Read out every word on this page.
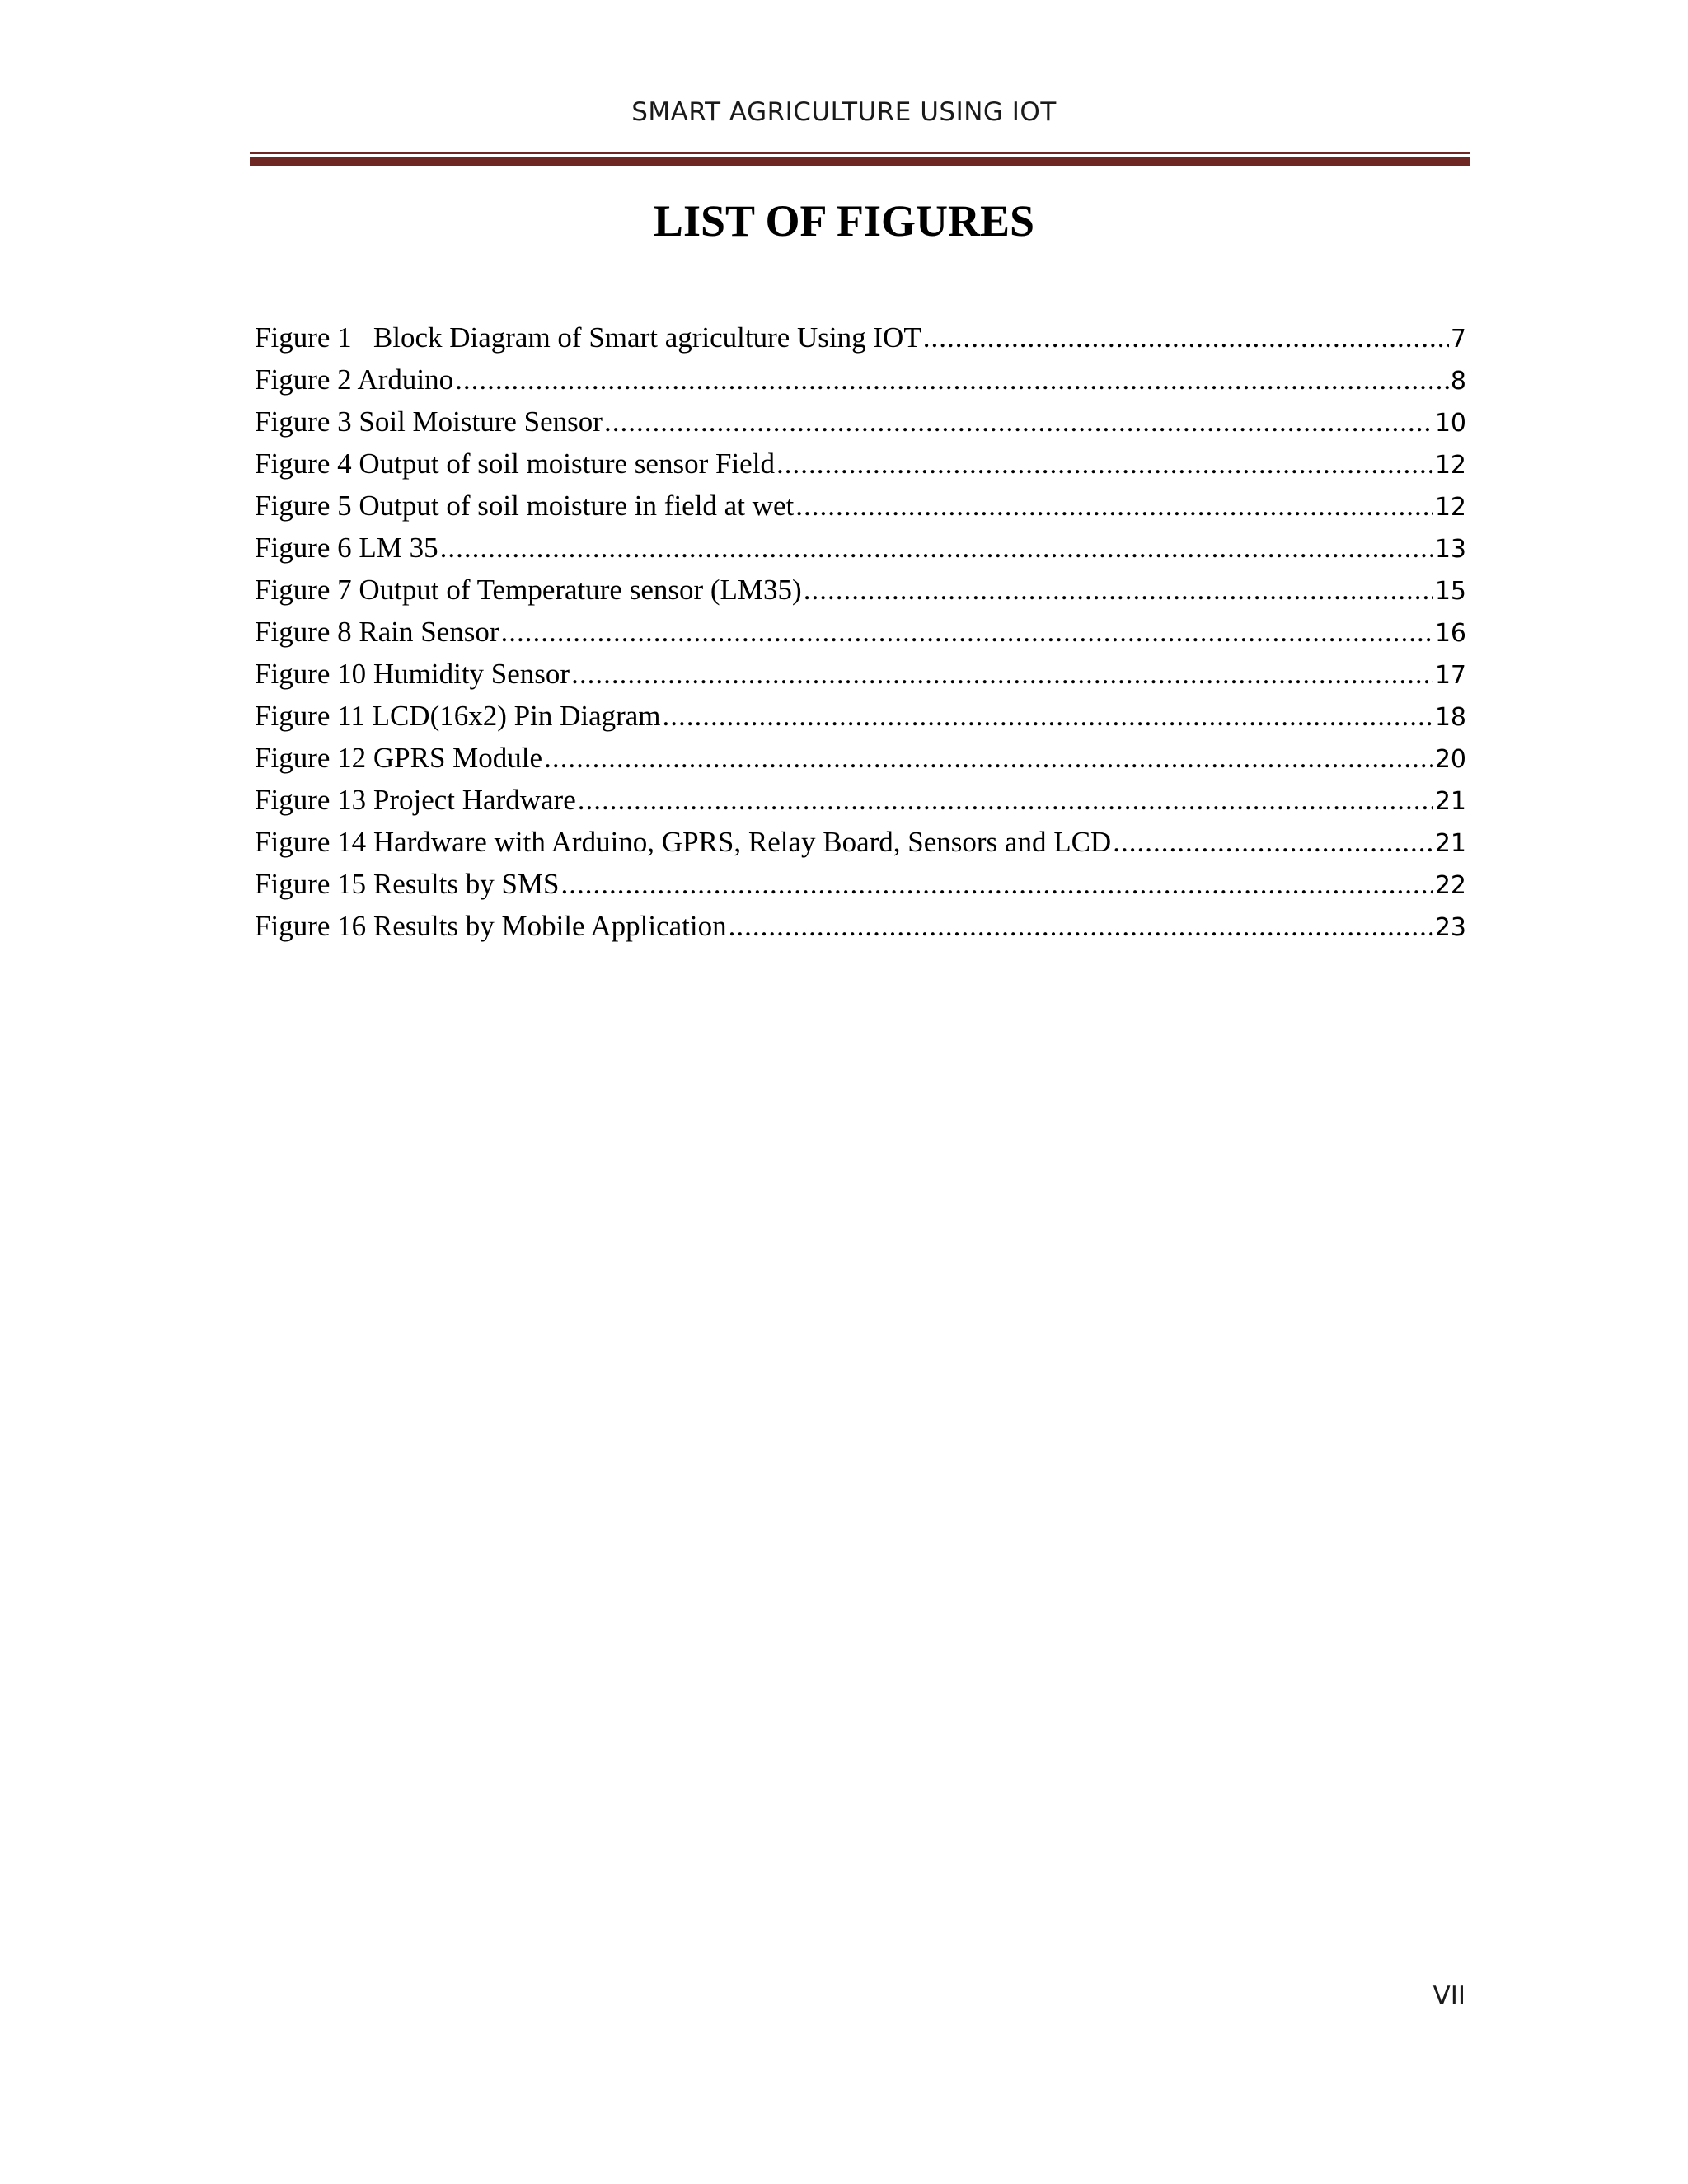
SMART AGRICULTURE USING IOT
LIST OF FIGURES
Figure 1   Block Diagram of Smart agriculture Using IOT .....	7
Figure 2 Arduino .....	8
Figure 3 Soil Moisture Sensor .....	10
Figure 4 Output of soil moisture sensor Field .....	12
Figure 5 Output of soil moisture in field at wet .....	12
Figure 6 LM 35 .....	13
Figure 7 Output of Temperature sensor (LM35) .....	15
Figure 8 Rain Sensor .....	16
Figure 10 Humidity Sensor .....	17
Figure 11 LCD(16x2) Pin Diagram .....	18
Figure 12 GPRS Module .....	20
Figure 13 Project Hardware .....	21
Figure 14 Hardware with Arduino, GPRS, Relay Board, Sensors and LCD .....	21
Figure 15 Results by SMS .....	22
Figure 16 Results by Mobile Application .....	23
VII
